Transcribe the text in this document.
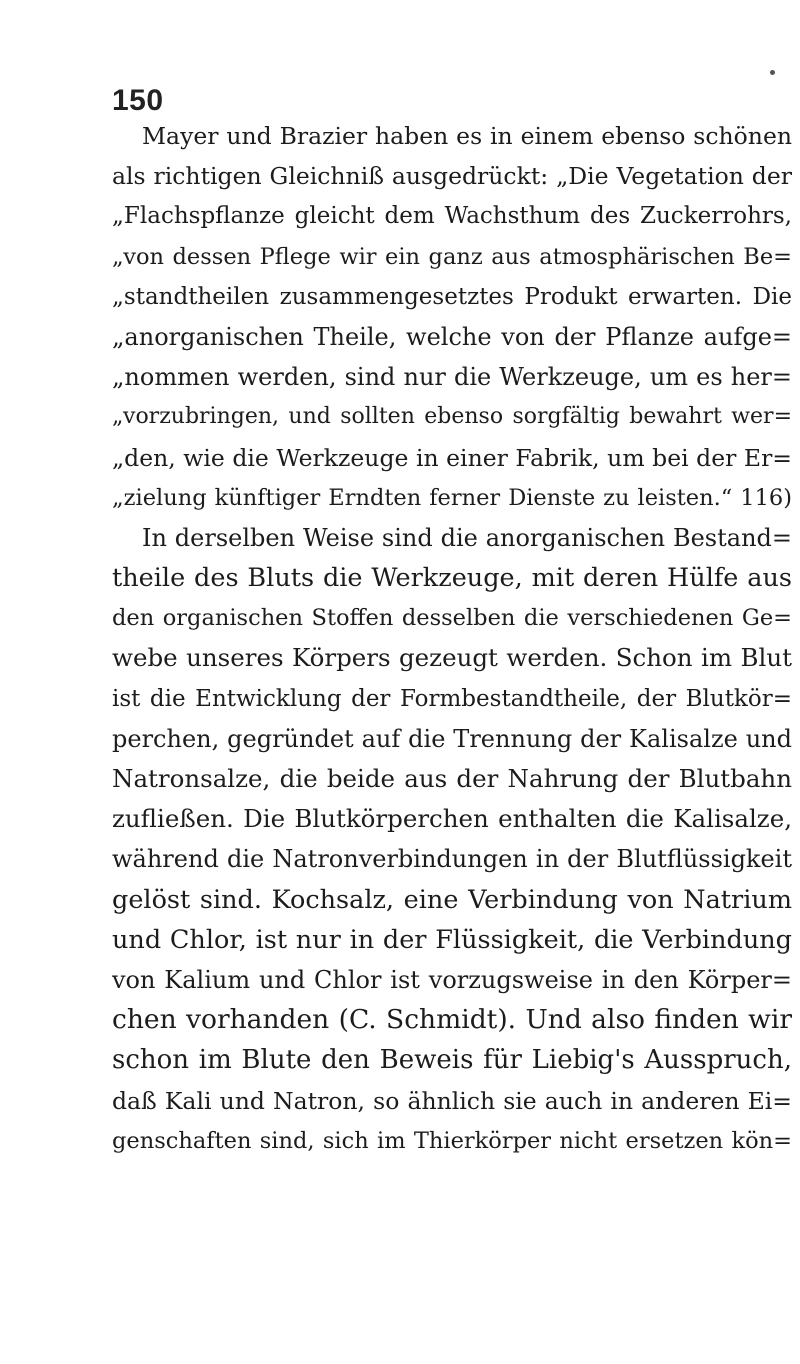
150
Mayer und Brazier haben es in einem ebenso schönen
als richtigen Gleichniß ausgedrückt: „Die Vegetation der
„Flachspflanze gleicht dem Wachsthum des Zuckerrohrs,
„von dessen Pflege wir ein ganz aus atmosphärischen Be=
„standtheilen zusammengesetztes Produkt erwarten. Die
„anorganischen Theile, welche von der Pflanze aufge=
„nommen werden, sind nur die Werkzeuge, um es her=
„vorzubringen, und sollten ebenso sorgfältig bewahrt wer=
„den, wie die Werkzeuge in einer Fabrik, um bei der Er=
„zielung künftiger Erndten ferner Dienste zu leisten.“ 116)
In derselben Weise sind die anorganischen Bestand=
theile des Bluts die Werkzeuge, mit deren Hülfe aus
den organischen Stoffen desselben die verschiedenen Ge=
webe unseres Körpers gezeugt werden. Schon im Blut
ist die Entwicklung der Formbestandtheile, der Blutkör=
perchen, gegründet auf die Trennung der Kalisalze und
Natronsalze, die beide aus der Nahrung der Blutbahn
zufließen. Die Blutkörperchen enthalten die Kalisalze,
während die Natronverbindungen in der Blutflüssigkeit
gelöst sind. Kochsalz, eine Verbindung von Natrium
und Chlor, ist nur in der Flüssigkeit, die Verbindung
von Kalium und Chlor ist vorzugsweise in den Körper=
chen vorhanden (C. Schmidt). Und also finden wir
schon im Blute den Beweis für Liebig's Ausspruch,
daß Kali und Natron, so ähnlich sie auch in anderen Ei=
genschaften sind, sich im Thierkörper nicht ersetzen kön=
